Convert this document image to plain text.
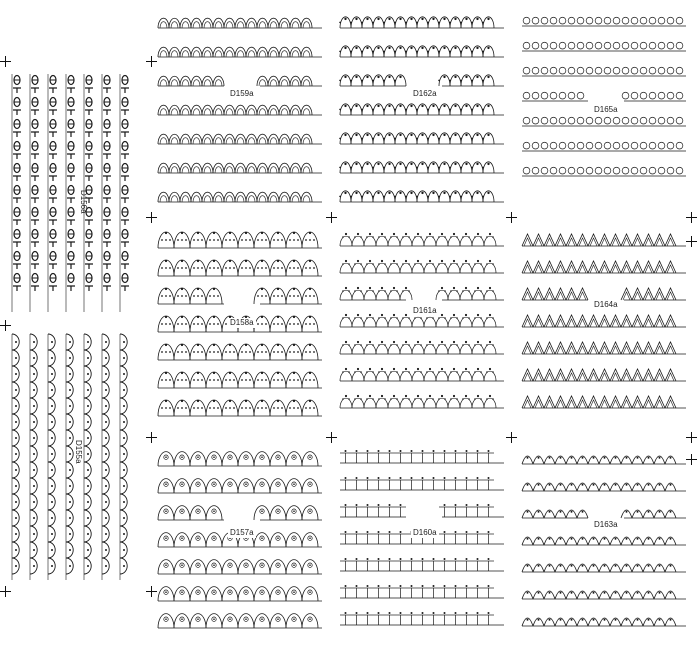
D159a	D162a
D165a
D158a
D161a
D164a
D157a	D160a
D163a
D156a
D155a
